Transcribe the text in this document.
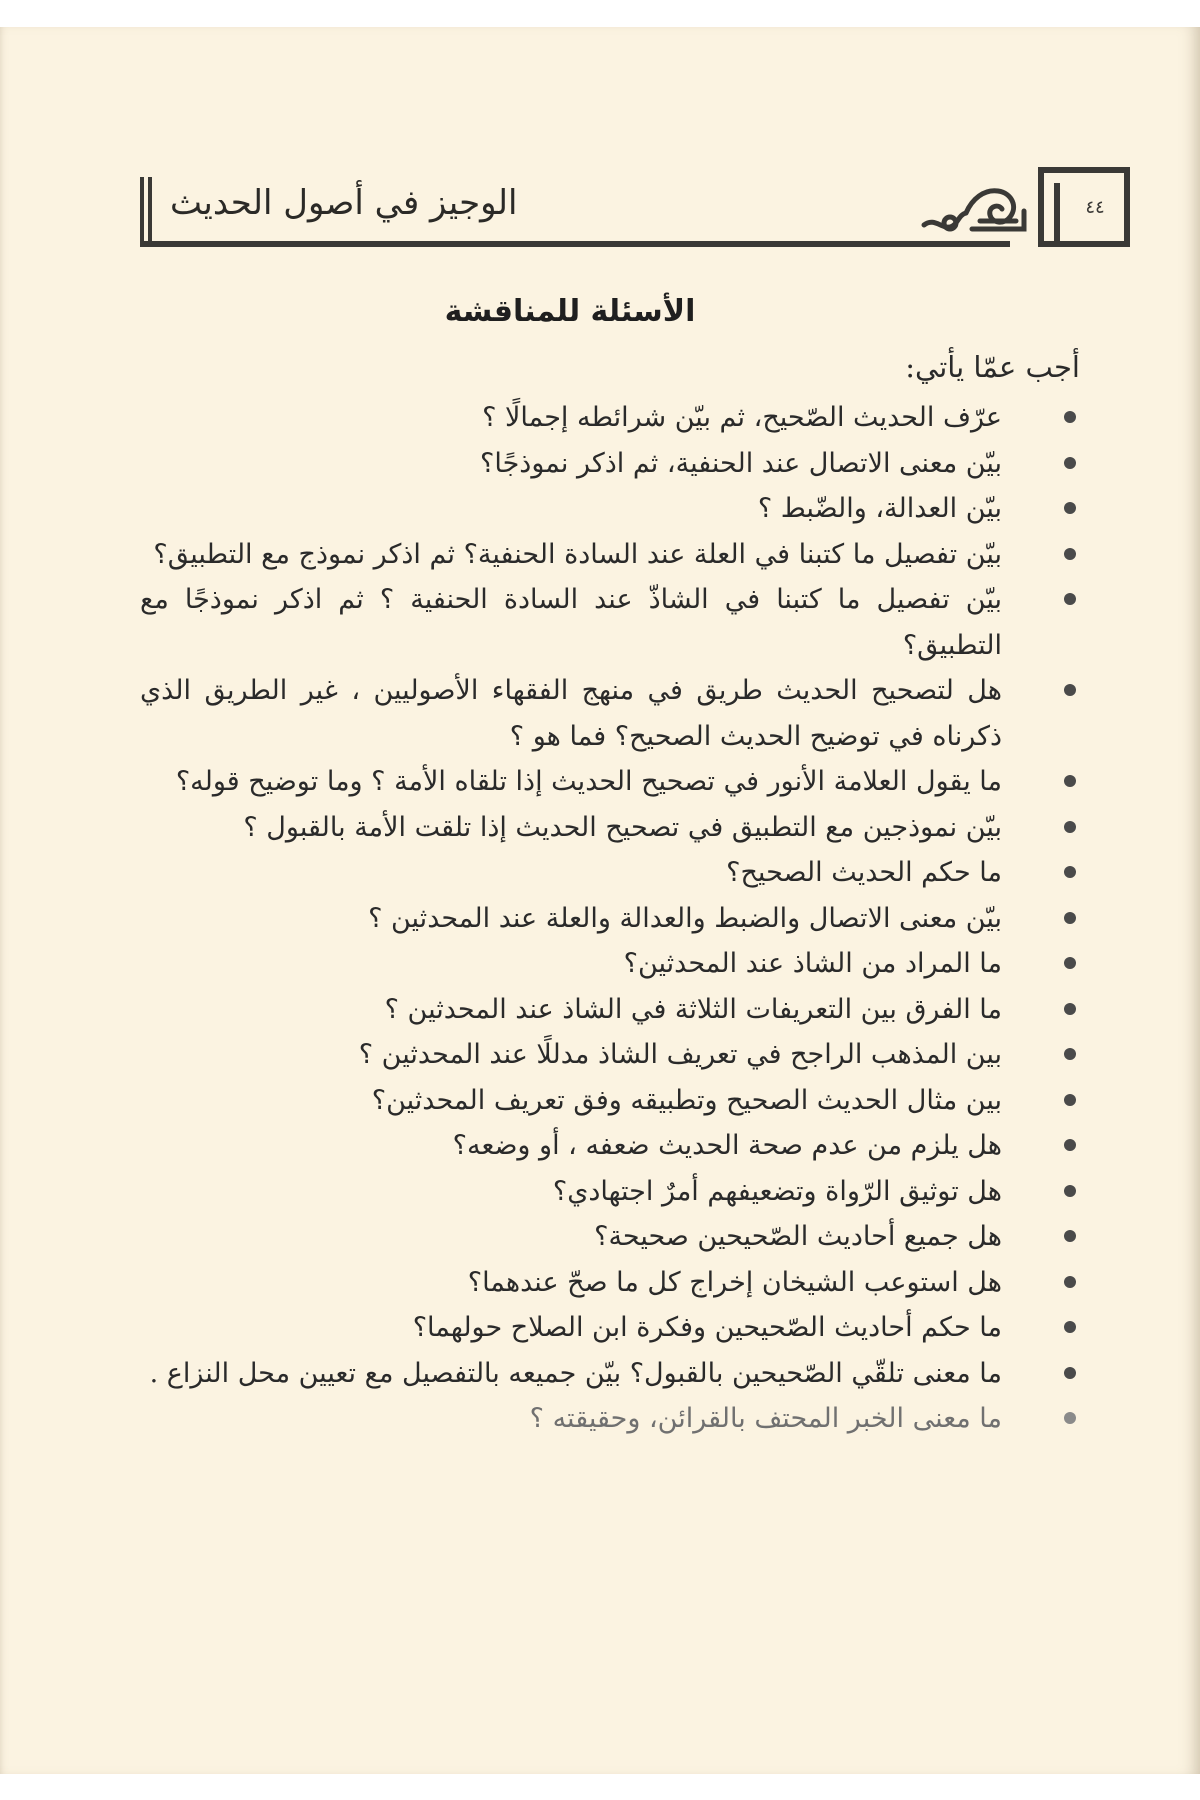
الوجيز في أصول الحديث	٤٤
الأسئلة للمناقشة
أجب عمّا يأتي:
عرّف الحديث الصّحيح، ثم بيّن شرائطه إجمالًا ؟
بيّن معنى الاتصال عند الحنفية، ثم اذكر نموذجًا؟
بيّن العدالة، والضّبط ؟
بيّن تفصيل ما كتبنا في العلة عند السادة الحنفية؟ ثم اذكر نموذج مع التطبيق؟
بيّن تفصيل ما كتبنا في الشاذّ عند السادة الحنفية ؟ ثم اذكر نموذجًا مع التطبيق؟
هل لتصحيح الحديث طريق في منهج الفقهاء الأصوليين ، غير الطريق الذي ذكرناه في توضيح الحديث الصحيح؟ فما هو ؟
ما يقول العلامة الأنور في تصحيح الحديث إذا تلقاه الأمة ؟ وما توضيح قوله؟
بيّن نموذجين مع التطبيق في تصحيح الحديث إذا تلقت الأمة بالقبول ؟
ما حكم الحديث الصحيح؟
بيّن معنى الاتصال والضبط والعدالة والعلة عند المحدثين ؟
ما المراد من الشاذ عند المحدثين؟
ما الفرق بين التعريفات الثلاثة في الشاذ عند المحدثين ؟
بين المذهب الراجح في تعريف الشاذ مدللًا عند المحدثين ؟
بين مثال الحديث الصحيح وتطبيقه وفق تعريف المحدثين؟
هل يلزم من عدم صحة الحديث ضعفه ، أو وضعه؟
هل توثيق الرّواة وتضعيفهم أمرٌ اجتهادي؟
هل جميع أحاديث الصّحيحين صحيحة؟
هل استوعب الشيخان إخراج كل ما صحّ عندهما؟
ما حكم أحاديث الصّحيحين وفكرة ابن الصلاح حولهما؟
ما معنى تلقّي الصّحيحين بالقبول؟ بيّن جميعه بالتفصيل مع تعيين محل النزاع .
ما معنى الخبر المحتف بالقرائن، وحقيقته ؟
